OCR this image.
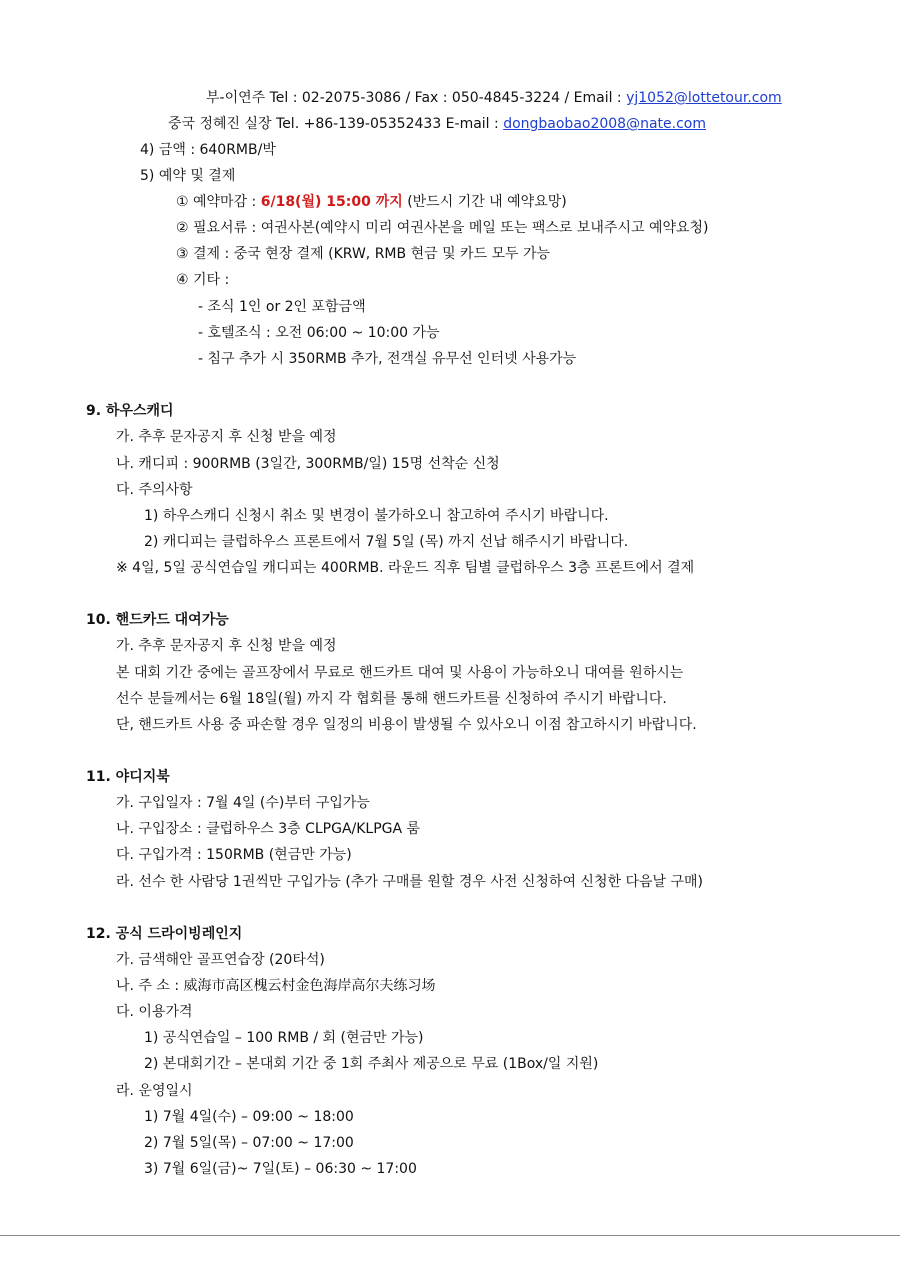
부-이연주 Tel : 02-2075-3086 / Fax : 050-4845-3224 / Email : yj1052@lottetour.com
중국 정혜진 실장 Tel. +86-139-05352433 E-mail : dongbaobao2008@nate.com
4) 금액 : 640RMB/박
5) 예약 및 결제
① 예약마감 : 6/18(월) 15:00 까지 (반드시 기간 내 예약요망)
② 필요서류 : 여권사본(예약시 미리 여권사본을 메일 또는 팩스로 보내주시고 예약요청)
③ 결제 : 중국 현장 결제 (KRW, RMB 현금 및 카드 모두 가능
④ 기타 :
- 조식 1인 or 2인 포함금액
- 호텔조식 : 오전 06:00 ~ 10:00 가능
- 침구 추가 시 350RMB 추가, 전객실 유무선 인터넷 사용가능
9. 하우스캐디
가. 추후 문자공지 후 신청 받을 예정
나. 캐디피 : 900RMB (3일간, 300RMB/일) 15명 선착순 신청
다. 주의사항
1) 하우스캐디 신청시 취소 및 변경이 불가하오니 참고하여 주시기 바랍니다.
2) 캐디피는 클럽하우스 프론트에서 7월 5일 (목) 까지 선납 해주시기 바랍니다.
※ 4일, 5일 공식연습일 캐디피는 400RMB. 라운드 직후 팀별 클럽하우스 3층 프론트에서 결제
10. 핸드카드 대여가능
가. 추후 문자공지 후 신청 받을 예정
본 대회 기간 중에는 골프장에서 무료로 핸드카트 대여 및 사용이 가능하오니 대여를 원하시는
선수 분들께서는 6월 18일(월) 까지 각 협회를 통해 핸드카트를 신청하여 주시기 바랍니다.
단, 핸드카트 사용 중 파손할 경우 일정의 비용이 발생될 수 있사오니 이점 참고하시기 바랍니다.
11. 야디지북
가. 구입일자 : 7월 4일 (수)부터 구입가능
나. 구입장소 : 클럽하우스 3층 CLPGA/KLPGA 룸
다. 구입가격 : 150RMB (현금만 가능)
라. 선수 한 사람당 1권씩만 구입가능 (추가 구매를 원할 경우 사전 신청하여 신청한 다음날 구매)
12. 공식 드라이빙레인지
가. 금색해안 골프연습장 (20타석)
나. 주 소 : 威海市高区槐云村金色海岸高尔夫练习场
다. 이용가격
1) 공식연습일 – 100 RMB / 회 (현금만 가능)
2) 본대회기간 – 본대회 기간 중 1회 주최사 제공으로 무료 (1Box/일 지원)
라. 운영일시
1) 7월 4일(수) – 09:00 ~ 18:00
2) 7월 5일(목) – 07:00 ~ 17:00
3) 7월 6일(금)~ 7일(토) – 06:30 ~ 17:00
